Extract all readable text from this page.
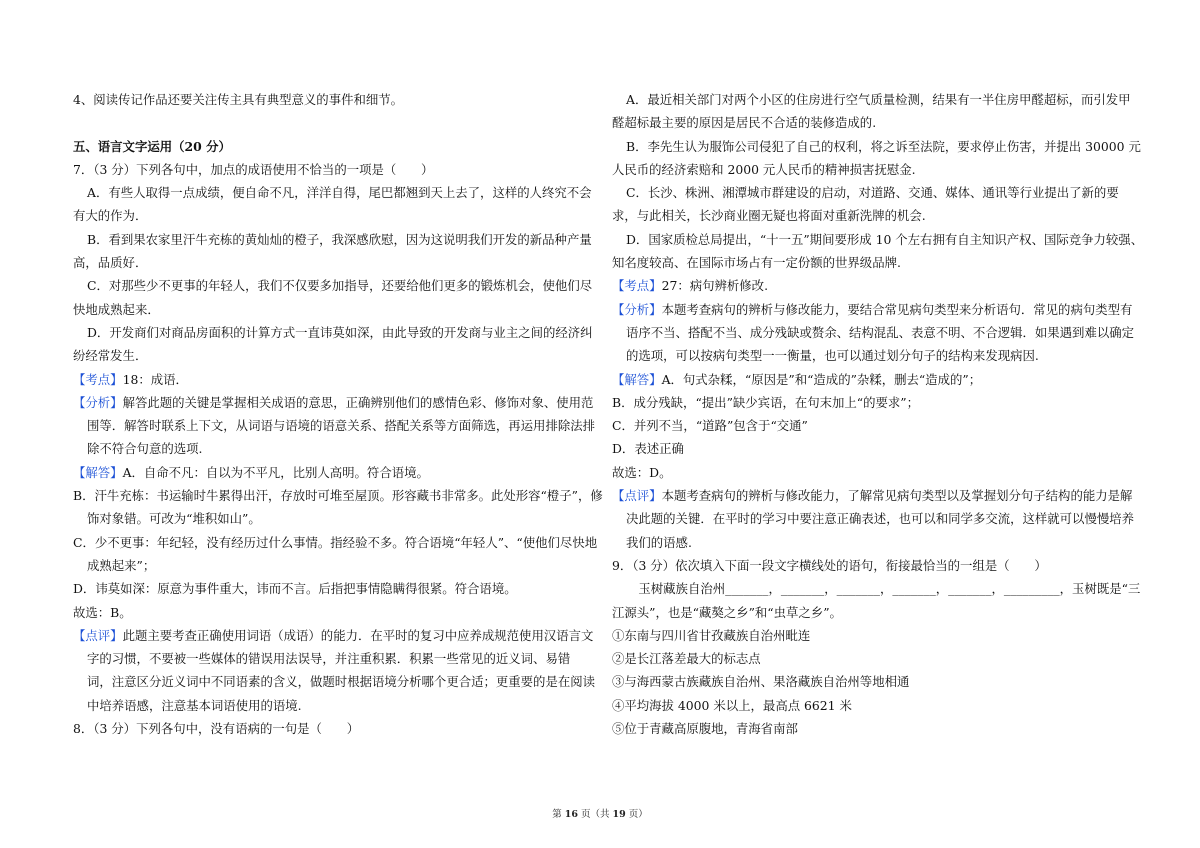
4、阅读传记作品还要关注传主具有典型意义的事件和细节。
五、语言文字运用（20 分）
7．（3 分）下列各句中，加点的成语使用不恰当的一项是（　　）
A．有些人取得一点成绩，便自命不凡，洋洋自得，尾巴都翘到天上去了，这样的人终究不会
有大的作为．
B．看到果农家里汗牛充栋的黄灿灿的橙子，我深感欣慰，因为这说明我们开发的新品种产量
高，品质好．
C．对那些少不更事的年轻人，我们不仅要多加指导，还要给他们更多的锻炼机会，使他们尽
快地成熟起来．
D．开发商们对商品房面积的计算方式一直讳莫如深，由此导致的开发商与业主之间的经济纠
纷经常发生．
【考点】18：成语．
【分析】解答此题的关键是掌握相关成语的意思，正确辨别他们的感情色彩、修饰对象、使用范
围等．解答时联系上下文，从词语与语境的语意关系、搭配关系等方面筛选，再运用排除法排
除不符合句意的选项.
【解答】A．自命不凡：自以为不平凡，比别人高明。符合语境。
B．汗牛充栋：书运输时牛累得出汗，存放时可堆至屋顶。形容藏书非常多。此处形容“橙子”，修
饰对象错。可改为“堆积如山”。
C．少不更事：年纪轻，没有经历过什么事情。指经验不多。符合语境“年轻人”、“使他们尽快地
成熟起来”；
D．讳莫如深：原意为事件重大，讳而不言。后指把事情隐瞒得很紧。符合语境。
故选：B。
【点评】此题主要考查正确使用词语（成语）的能力．在平时的复习中应养成规范使用汉语言文
字的习惯，不要被一些媒体的错误用法误导，并注重积累．积累一些常见的近义词、易错
词，注意区分近义词中不同语素的含义，做题时根据语境分析哪个更合适；更重要的是在阅读
中培养语感，注意基本词语使用的语境.
8．（3 分）下列各句中，没有语病的一句是（　　）
A．最近相关部门对两个小区的住房进行空气质量检测，结果有一半住房甲醛超标，而引发甲
醛超标最主要的原因是居民不合适的装修造成的.
B．李先生认为服饰公司侵犯了自己的权利，将之诉至法院，要求停止伤害，并提出 30000 元
人民币的经济索赔和 2000 元人民币的精神损害抚慰金.
C．长沙、株洲、湘潭城市群建设的启动，对道路、交通、媒体、通讯等行业提出了新的要
求，与此相关，长沙商业圈无疑也将面对重新洗牌的机会.
D．国家质检总局提出，“十一五”期间要形成 10 个左右拥有自主知识产权、国际竞争力较强、
知名度较高、在国际市场占有一定份额的世界级品牌.
【考点】27：病句辨析修改.
【分析】本题考查病句的辨析与修改能力，要结合常见病句类型来分析语句．常见的病句类型有
语序不当、搭配不当、成分残缺或赘余、结构混乱、表意不明、不合逻辑．如果遇到难以确定
的选项，可以按病句类型一一衡量，也可以通过划分句子的结构来发现病因.
【解答】A．句式杂糅，“原因是”和“造成的”杂糅，删去“造成的”；
B．成分残缺，“提出”缺少宾语，在句末加上“的要求”；
C．并列不当，“道路”包含于“交通”
D．表述正确
故选：D。
【点评】本题考查病句的辨析与修改能力，了解常见病句类型以及掌握划分句子结构的能力是解
决此题的关键．在平时的学习中要注意正确表述，也可以和同学多交流，这样就可以慢慢培养
我们的语感.
9．（3 分）依次填入下面一段文字横线处的语句，衔接最恰当的一组是（　　）
　玉树藏族自治州_______，_______，_______，_______，_______，_________，玉树既是“三
江源头”，也是“藏獒之乡”和“虫草之乡”。
①东南与四川省甘孜藏族自治州毗连
②是长江落差最大的标志点
③与海西蒙古族藏族自治州、果洛藏族自治州等地相通
④平均海拔 4000 米以上，最高点 6621 米
⑤位于青藏高原腹地，青海省南部
第 16 页（共 19 页）
